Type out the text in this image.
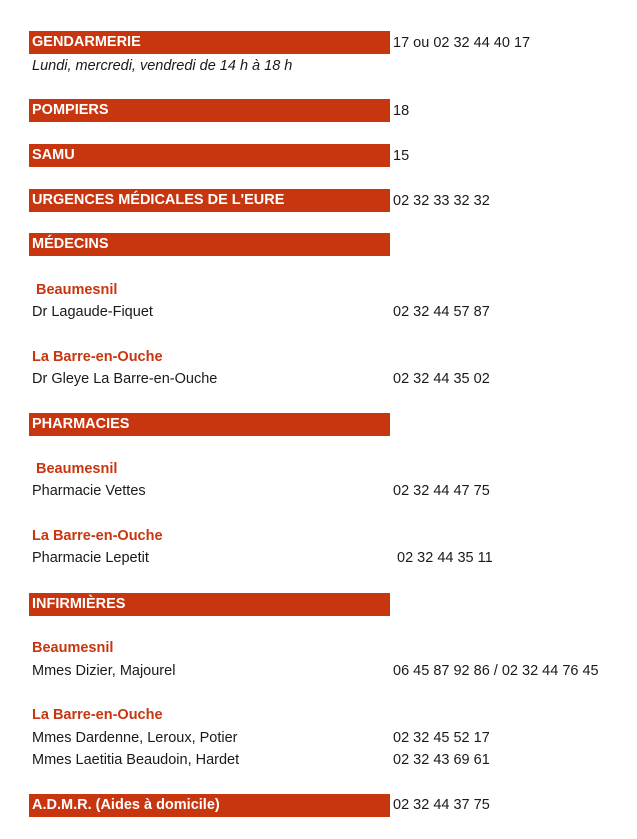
GENDARMERIE	17 ou 02 32 44 40 17
Lundi, mercredi, vendredi de 14 h à 18 h
POMPIERS	18
SAMU	15
URGENCES MÉDICALES DE L'EURE	02 32 33 32 32
MÉDECINS
Beaumesnil
Dr Lagaude-Fiquet	02 32 44 57 87
La Barre-en-Ouche
Dr Gleye La Barre-en-Ouche	02 32 44 35 02
PHARMACIES
Beaumesnil
Pharmacie Vettes	02 32 44 47 75
La Barre-en-Ouche
Pharmacie Lepetit	02 32 44 35 11
INFIRMIÈRES
Beaumesnil
Mmes Dizier, Majourel	06 45 87 92 86 / 02 32 44 76 45
La Barre-en-Ouche
Mmes Dardenne, Leroux, Potier	02 32 45 52 17
Mmes Laetitia Beaudoin, Hardet	02 32 43 69 61
A.D.M.R. (Aides à domicile)	02 32 44 37 75
